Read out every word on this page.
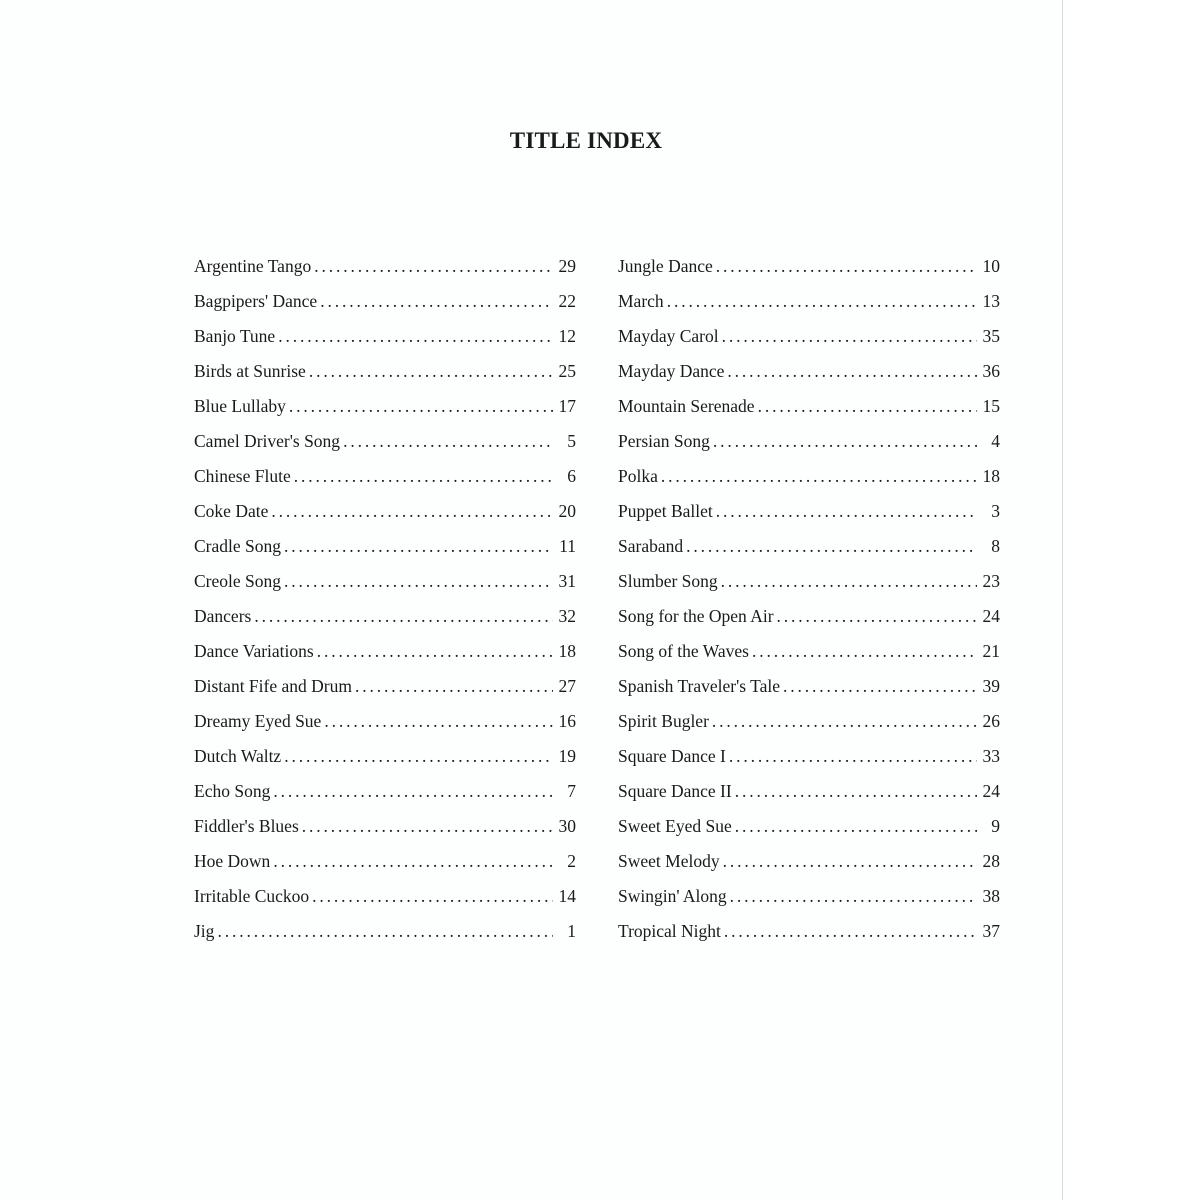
TITLE INDEX
Argentine Tango . . .	29
Bagpipers' Dance . . .	22
Banjo Tune . . .	12
Birds at Sunrise . . .	25
Blue Lullaby . . .	17
Camel Driver's Song . . .	5
Chinese Flute . . .	6
Coke Date . . .	20
Cradle Song . . .	11
Creole Song . . .	31
Dancers . . .	32
Dance Variations . . .	18
Distant Fife and Drum . . .	27
Dreamy Eyed Sue . . .	16
Dutch Waltz . . .	19
Echo Song . . .	7
Fiddler's Blues . . .	30
Hoe Down . . .	2
Irritable Cuckoo . . .	14
Jig . . .	1
Jungle Dance . . .	10
March . . .	13
Mayday Carol . . .	35
Mayday Dance . . .	36
Mountain Serenade . . .	15
Persian Song . . .	4
Polka . . .	18
Puppet Ballet . . .	3
Saraband . . .	8
Slumber Song . . .	23
Song for the Open Air . . .	24
Song of the Waves . . .	21
Spanish Traveler's Tale . . .	39
Spirit Bugler . . .	26
Square Dance I . . .	33
Square Dance II . . .	24
Sweet Eyed Sue . . .	9
Sweet Melody . . .	28
Swingin' Along . . .	38
Tropical Night . . .	37
